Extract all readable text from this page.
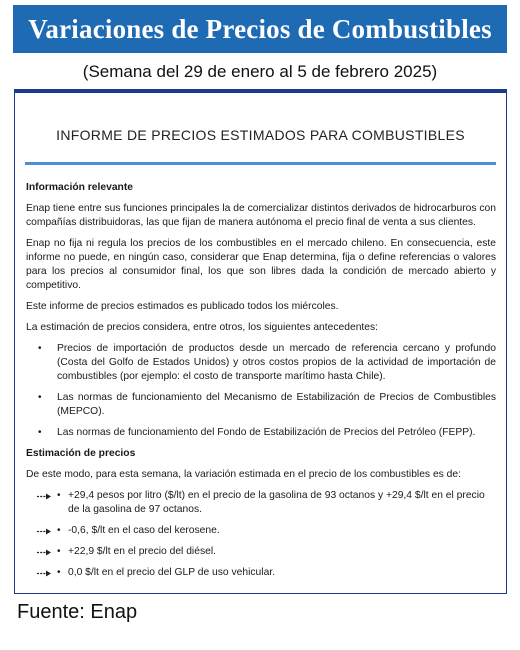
Variaciones de Precios de Combustibles
(Semana del 29 de enero al 5 de febrero 2025)
INFORME DE PRECIOS ESTIMADOS PARA COMBUSTIBLES
Información relevante

Enap tiene entre sus funciones principales la de comercializar distintos derivados de hidrocarburos con compañías distribuidoras, las que fijan de manera autónoma el precio final de venta a sus clientes.

Enap no fija ni regula los precios de los combustibles en el mercado chileno. En consecuencia, este informe no puede, en ningún caso, considerar que Enap determina, fija o define referencias o valores para los precios al consumidor final, los que son libres dada la condición de mercado abierto y competitivo.

Este informe de precios estimados es publicado todos los miércoles.

La estimación de precios considera, entre otros, los siguientes antecedentes:

• Precios de importación de productos desde un mercado de referencia cercano y profundo (Costa del Golfo de Estados Unidos) y otros costos propios de la actividad de importación de combustibles (por ejemplo: el costo de transporte marítimo hasta Chile).
• Las normas de funcionamiento del Mecanismo de Estabilización de Precios de Combustibles (MEPCO).
• Las normas de funcionamiento del Fondo de Estabilización de Precios del Petróleo (FEPP).
Estimación de precios

De este modo, para esta semana, la variación estimada en el precio de los combustibles es de:

• +29,4 pesos por litro ($/lt) en el precio de la gasolina de 93 octanos y +29,4 $/lt en el precio de la gasolina de 97 octanos.
• -0,6, $/lt en el caso del kerosene.
• +22,9 $/lt en el precio del diésel.
• 0,0 $/lt en el precio del GLP de uso vehicular.
Fuente: Enap
